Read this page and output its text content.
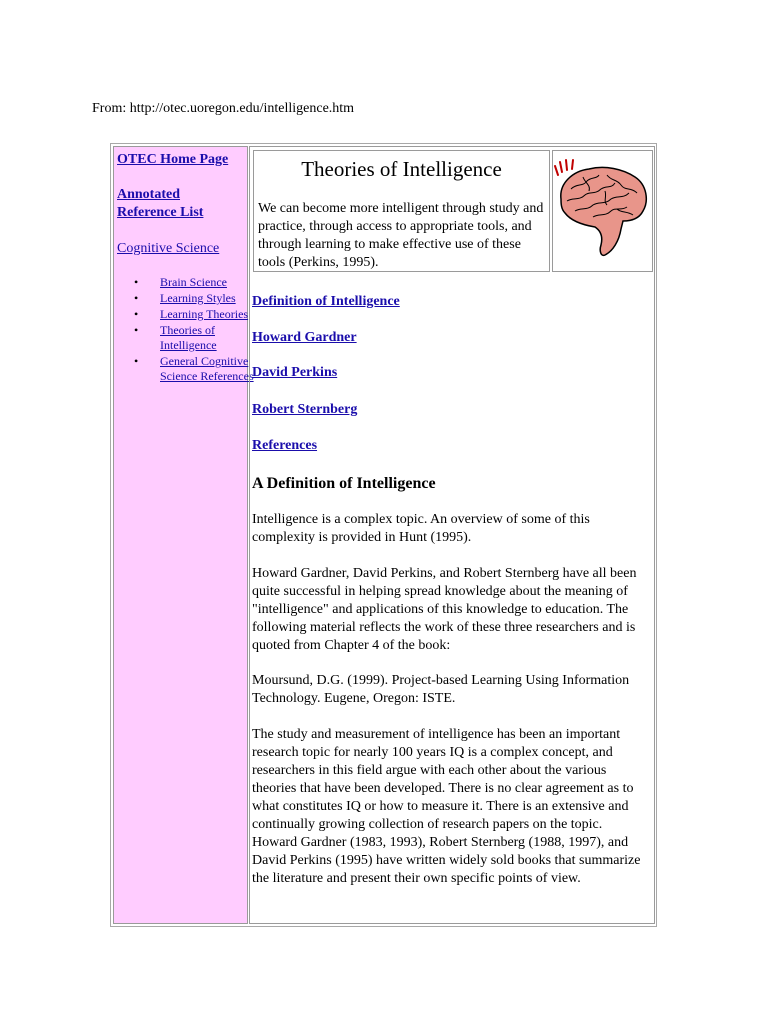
From: http://otec.uoregon.edu/intelligence.htm
OTEC Home Page
Annotated Reference List
Cognitive Science
• Brain Science
• Learning Styles
• Learning Theories
• Theories of Intelligence
• General Cognitive Science References
Theories of Intelligence

We can become more intelligent through study and practice, through access to appropriate tools, and through learning to make effective use of these tools (Perkins, 1995).

Definition of Intelligence
Howard Gardner
David Perkins
Robert Sternberg
References
A Definition of Intelligence

Intelligence is a complex topic. An overview of some of this complexity is provided in Hunt (1995).

Howard Gardner, David Perkins, and Robert Sternberg have all been quite successful in helping spread knowledge about the meaning of "intelligence" and applications of this knowledge to education. The following material reflects the work of these three researchers and is quoted from Chapter 4 of the book:

Moursund, D.G. (1999). Project-based Learning Using Information Technology. Eugene, Oregon: ISTE.

The study and measurement of intelligence has been an important research topic for nearly 100 years IQ is a complex concept, and researchers in this field argue with each other about the various theories that have been developed. There is no clear agreement as to what constitutes IQ or how to measure it. There is an extensive and continually growing collection of research papers on the topic. Howard Gardner (1983, 1993), Robert Sternberg (1988, 1997), and David Perkins (1995) have written widely sold books that summarize the literature and present their own specific points of view.
